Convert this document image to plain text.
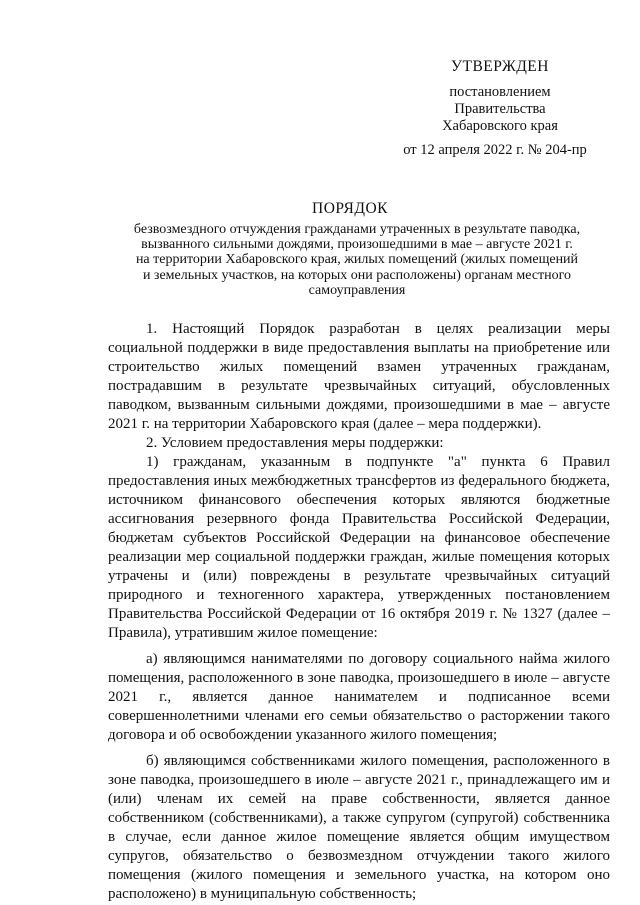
УТВЕРЖДЕН
постановлением
Правительства
Хабаровского края
от 12 апреля 2022 г. № 204-пр
ПОРЯДОК
безвозмездного отчуждения гражданами утраченных в результате паводка,
вызванного сильными дождями, произошедшими в мае – августе 2021 г.
на территории Хабаровского края, жилых помещений (жилых помещений
и земельных участков, на которых они расположены) органам местного
самоуправления

1. Настоящий Порядок разработан в целях реализации меры социальной поддержки в виде предоставления выплаты на приобретение или строительство жилых помещений взамен утраченных гражданам, пострадавшим в результате чрезвычайных ситуаций, обусловленных паводком, вызванным сильными дождями, произошедшими в мае – августе 2021 г. на территории Хабаровского края (далее – мера поддержки).

2. Условием предоставления меры поддержки:

1) гражданам, указанным в подпункте "а" пункта 6 Правил предоставления иных межбюджетных трансфертов из федерального бюджета, источником финансового обеспечения которых являются бюджетные ассигнования резервного фонда Правительства Российской Федерации, бюджетам субъектов Российской Федерации на финансовое обеспечение реализации мер социальной поддержки граждан, жилые помещения которых утрачены и (или) повреждены в результате чрезвычайных ситуаций природного и техногенного характера, утвержденных постановлением Правительства Российской Федерации от 16 октября 2019 г. № 1327 (далее – Правила), утратившим жилое помещение:

а) являющимся нанимателями по договору социального найма жилого помещения, расположенного в зоне паводка, произошедшего в июле – августе 2021 г., является данное нанимателем и подписанное всеми совершеннолетними членами его семьи обязательство о расторжении такого договора и об освобождении указанного жилого помещения;

б) являющимся собственниками жилого помещения, расположенного в зоне паводка, произошедшего в июле – августе 2021 г., принадлежащего им и (или) членам их семей на праве собственности, является данное собственником (собственниками), а также супругом (супругой) собственника в случае, если данное жилое помещение является общим имуществом супругов, обязательство о безвозмездном отчуждении такого жилого помещения (жилого помещения и земельного участка, на котором оно расположено) в муниципальную собственность;
